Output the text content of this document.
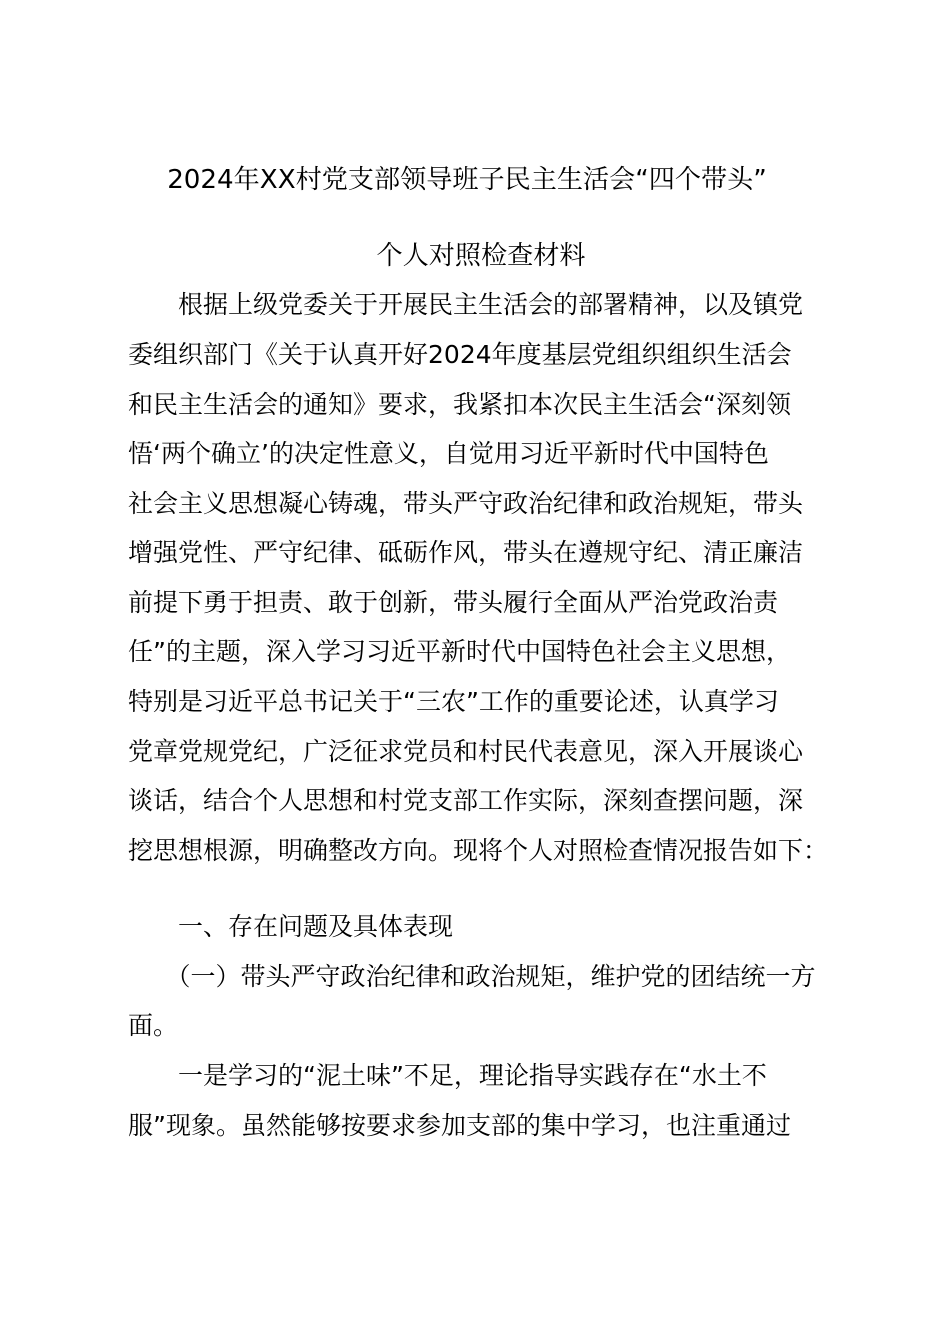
2024年XX村党支部领导班子民主生活会“四个带头”
个人对照检查材料
　　根据上级党委关于开展民主生活会的部署精神，以及镇党
委组织部门《关于认真开好2024年度基层党组织组织生活会
和民主生活会的通知》要求，我紧扣本次民主生活会“深刻领
悟‘两个确立’的决定性意义，自觉用习近平新时代中国特色
社会主义思想凝心铸魂，带头严守政治纪律和政治规矩，带头
增强党性、严守纪律、砥砺作风，带头在遵规守纪、清正廉洁
前提下勇于担责、敢于创新，带头履行全面从严治党政治责
任”的主题，深入学习习近平新时代中国特色社会主义思想，
特别是习近平总书记关于“三农”工作的重要论述，认真学习
党章党规党纪，广泛征求党员和村民代表意见，深入开展谈心
谈话，结合个人思想和村党支部工作实际，深刻查摆问题，深
挖思想根源，明确整改方向。现将个人对照检查情况报告如下：
　　一、存在问题及具体表现
　　（一）带头严守政治纪律和政治规矩，维护党的团结统一方
面。
　　一是学习的“泥土味”不足，理论指导实践存在“水土不
服”现象。虽然能够按要求参加支部的集中学习，也注重通过
